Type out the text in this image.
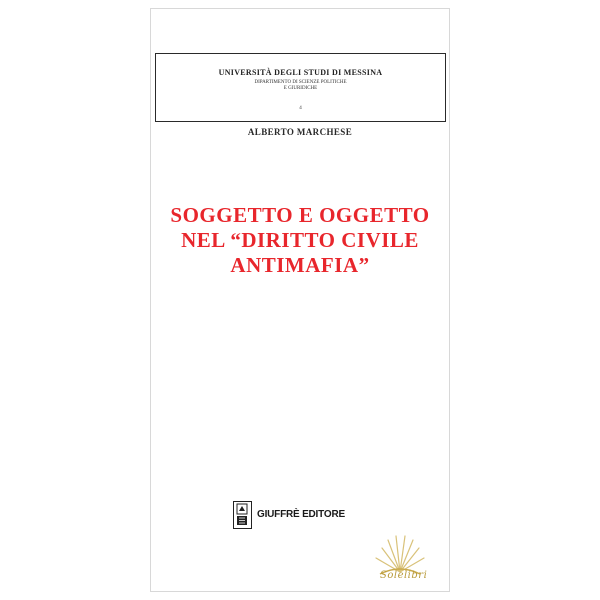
UNIVERSITÀ DEGLI STUDI DI MESSINA
DIPARTIMENTO DI SCIENZE POLITICHE
E GIURIDICHE
4
ALBERTO MARCHESE
SOGGETTO E OGGETTO
NEL “DIRITTO CIVILE
ANTIMAFIA”
GIUFFRÈ EDITORE
Solelibri
